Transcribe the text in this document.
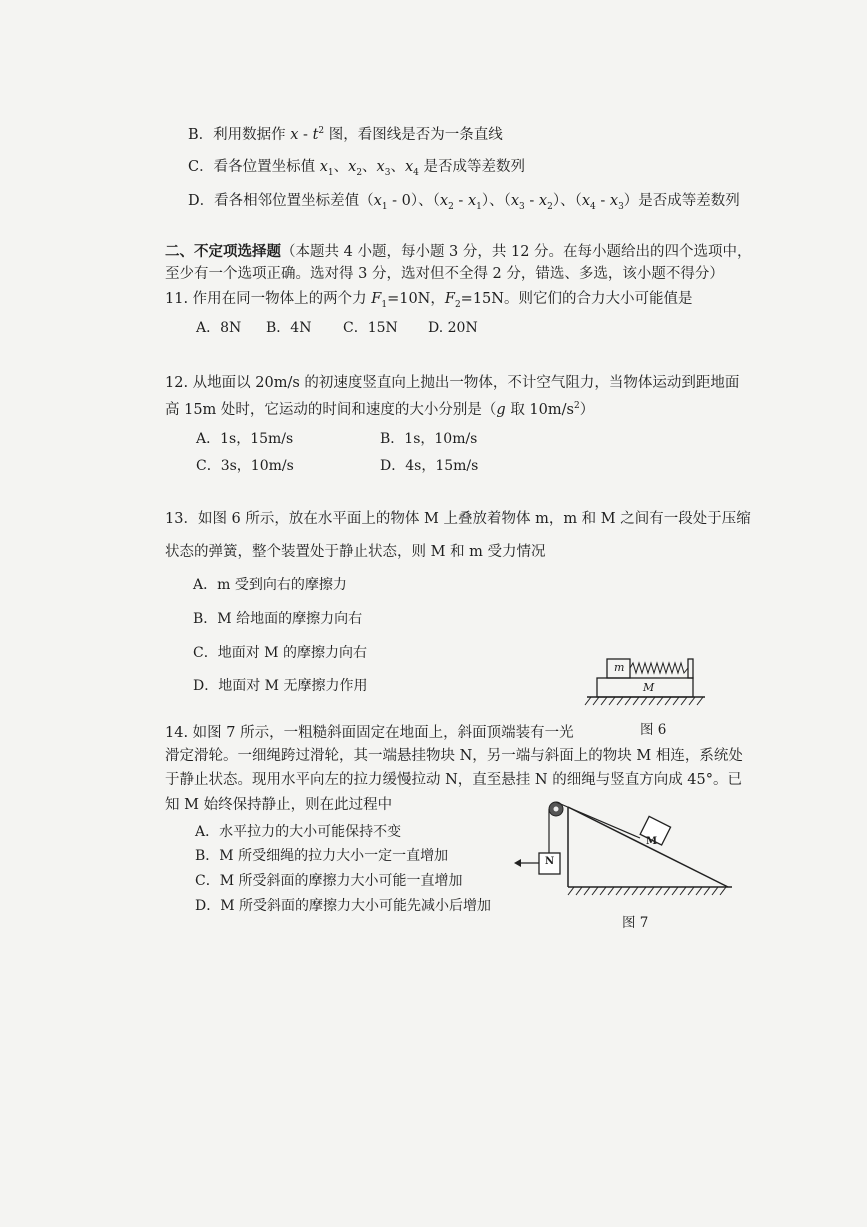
B．利用数据作 x - $t^2$ 图，看图线是否为一条直线
C．看各位置坐标值 $x_1$、$x_2$、$x_3$、$x_4$ 是否成等差数列
D．看各相邻位置坐标差值$(x_1 - 0)$、$(x_2 - x_1)$、$(x_3 - x_2)$、$(x_4 - x_3)$是否成等差数列
二、不定项选择题（本题共 4 小题，每小题 3 分，共 12 分。在每小题给出的四个选项中，
至少有一个选项正确。选对得 3 分，选对但不全得 2 分，错选、多选，该小题不得分）
11. 作用在同一物体上的两个力 $F_1=10N$，$F_2=15N$。则它们的合力大小可能值是
A．8N B．4N C．15N D. 20N
12. 从地面以 20m/s 的初速度竖直向上抛出一物体，不计空气阻力，当物体运动到距地面
高 15m 处时，它运动的时间和速度的大小分别是（g 取 $10m/s^2$）
A．1s，15m/s	B．1s，10m/s
C．3s，10m/s	D．4s，15m/s
13．如图 6 所示，放在水平面上的物体 M 上叠放着物体 m，m 和 M 之间有一段处于压缩
状态的弹簧，整个装置处于静止状态，则 M 和 m 受力情况
A．m 受到向右的摩擦力
B．M 给地面的摩擦力向右
C．地面对 M 的摩擦力向右
D．地面对 M 无摩擦力作用
m
M
图 6
14. 如图 7 所示，一粗糙斜面固定在地面上，斜面顶端装有一光
滑定滑轮。一细绳跨过滑轮，其一端悬挂物块 N，另一端与斜面上的物块 M 相连，系统处
于静止状态。现用水平向左的拉力缓慢拉动 N，直至悬挂 N 的细绳与竖直方向成 45°。已
知 M 始终保持静止，则在此过程中
A．水平拉力的大小可能保持不变
B．M 所受细绳的拉力大小一定一直增加
C．M 所受斜面的摩擦力大小可能一直增加
D．M 所受斜面的摩擦力大小可能先减小后增加
N
M
图 7
